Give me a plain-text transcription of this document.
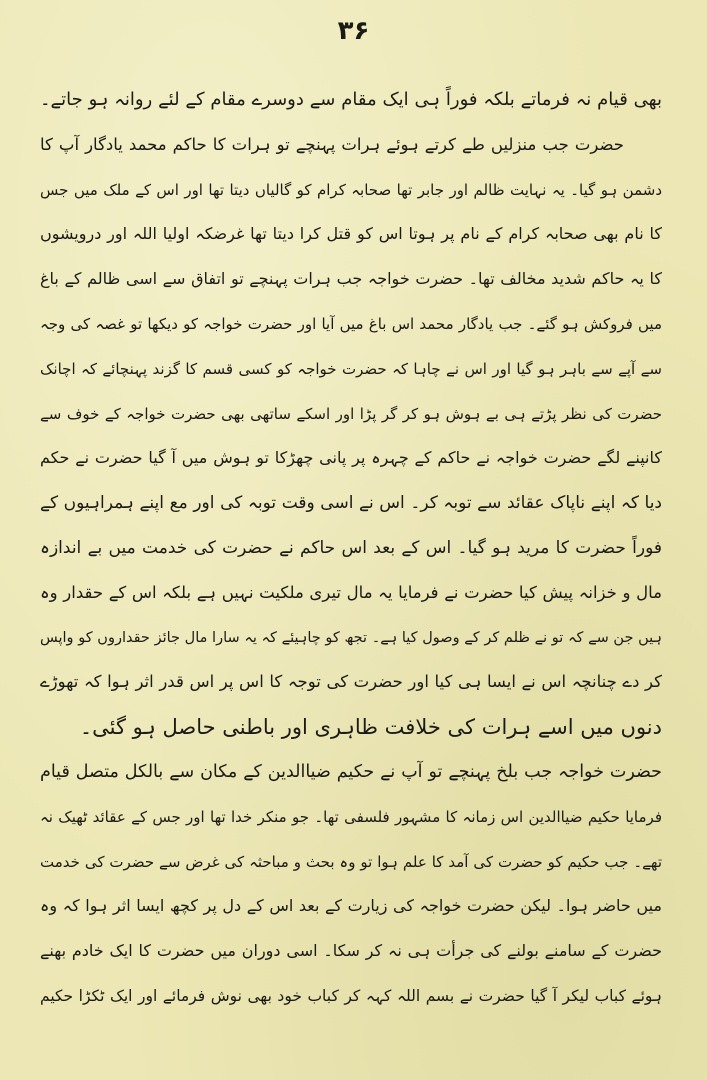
۳۶
بھی قیام نہ فرماتے بلکہ فوراً ہی ایک مقام سے دوسرے مقام کے لئے روانہ ہو جاتے۔
حضرت جب منزلیں طے کرتے ہوئے ہرات پہنچے تو ہرات کا حاکم محمد یادگار آپ کا
دشمن ہو گیا۔ یہ نہایت ظالم اور جابر تھا صحابہ کرام کو گالیاں دیتا تھا اور اس کے ملک میں جس
کا نام بھی صحابہ کرام کے نام پر ہوتا اس کو قتل کرا دیتا تھا غرضکہ اولیا اللہ اور درویشوں
کا یہ حاکم شدید مخالف تھا۔ حضرت خواجہ جب ہرات پہنچے تو اتفاق سے اسی ظالم کے باغ
میں فروکش ہو گئے۔ جب یادگار محمد اس باغ میں آیا اور حضرت خواجہ کو دیکھا تو غصہ کی وجہ
سے آپے سے باہر ہو گیا اور اس نے چاہا کہ حضرت خواجہ کو کسی قسم کا گزند پہنچائے کہ اچانک
حضرت کی نظر پڑتے ہی بے ہوش ہو کر گر پڑا اور اسکے ساتھی بھی حضرت خواجہ کے خوف سے
کانپنے لگے حضرت خواجہ نے حاکم کے چہرہ پر پانی چھڑکا تو ہوش میں آ گیا حضرت نے حکم
دیا کہ اپنے ناپاک عقائد سے توبہ کر۔ اس نے اسی وقت توبہ کی اور مع اپنے ہمراہیوں کے
فوراً حضرت کا مرید ہو گیا۔ اس کے بعد اس حاکم نے حضرت کی خدمت میں بے اندازہ
مال و خزانہ پیش کیا حضرت نے فرمایا یہ مال تیری ملکیت نہیں ہے بلکہ اس کے حقدار وہ
ہیں جن سے کہ تو نے ظلم کر کے وصول کیا ہے۔ تجھ کو چاہیئے کہ یہ سارا مال جائز حقداروں کو واپس
کر دے چنانچہ اس نے ایسا ہی کیا اور حضرت کی توجہ کا اس پر اس قدر اثر ہوا کہ تھوڑے
دنوں میں اسے ہرات کی خلافت ظاہری اور باطنی حاصل ہو گئی۔
حضرت خواجہ جب بلخ پہنچے تو آپ نے حکیم ضیاالدین کے مکان سے بالکل متصل قیام
فرمایا حکیم ضیاالدین اس زمانہ کا مشہور فلسفی تھا۔ جو منکر خدا تھا اور جس کے عقائد ٹھیک نہ
تھے۔ جب حکیم کو حضرت کی آمد کا علم ہوا تو وہ بحث و مباحثہ کی غرض سے حضرت کی خدمت
میں حاضر ہوا۔ لیکن حضرت خواجہ کی زیارت کے بعد اس کے دل پر کچھ ایسا اثر ہوا کہ وہ
حضرت کے سامنے بولنے کی جرأت ہی نہ کر سکا۔ اسی دوران میں حضرت کا ایک خادم بھنے
ہوئے کباب لیکر آ گیا حضرت نے بسم اللہ کہہ کر کباب خود بھی نوش فرمائے اور ایک ٹکڑا حکیم
